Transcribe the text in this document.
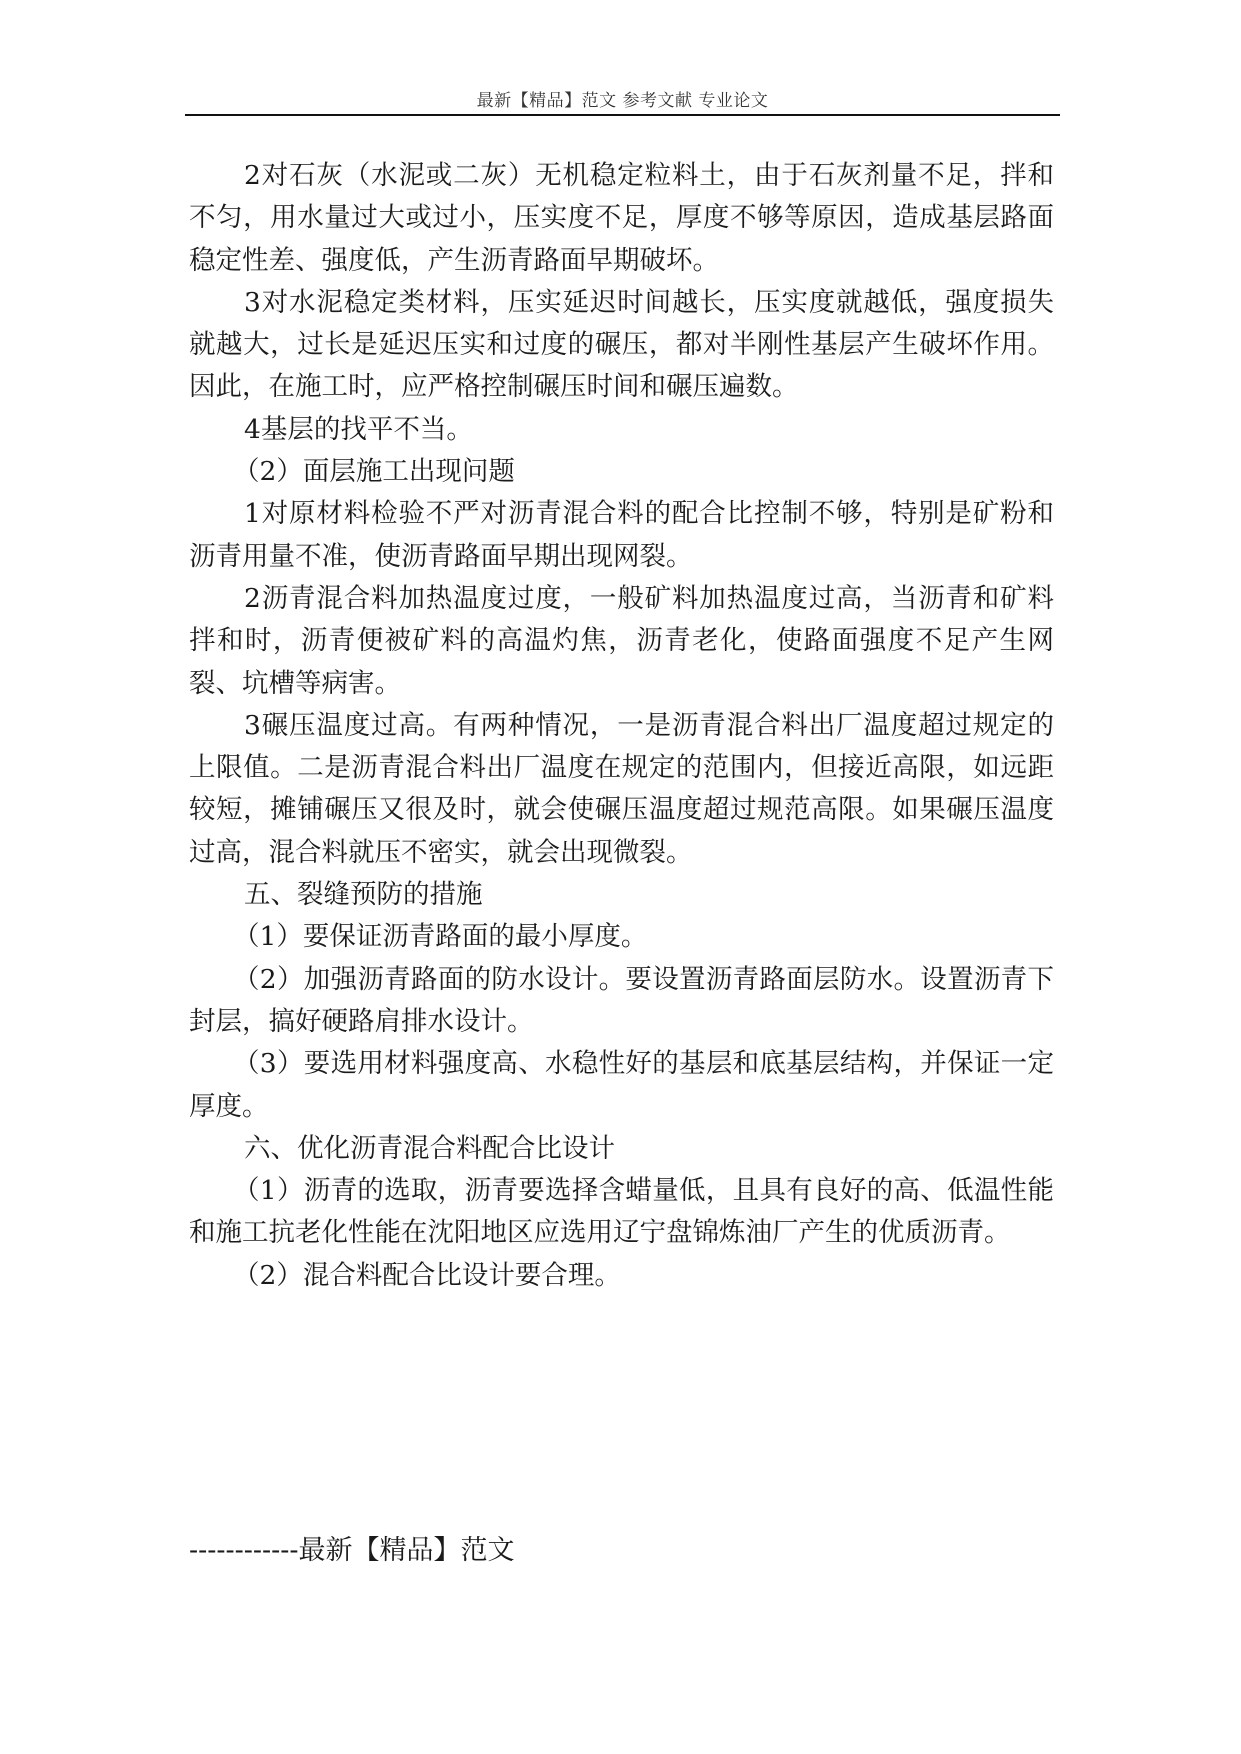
最新【精品】范文 参考文献 专业论文

2对石灰（水泥或二灰）无机稳定粒料土，由于石灰剂量不足，拌和不匀，用水量过大或过小，压实度不足，厚度不够等原因，造成基层路面稳定性差、强度低，产生沥青路面早期破坏。

3对水泥稳定类材料，压实延迟时间越长，压实度就越低，强度损失就越大，过长是延迟压实和过度的碾压，都对半刚性基层产生破坏作用。因此，在施工时，应严格控制碾压时间和碾压遍数。

4基层的找平不当。

（2）面层施工出现问题

1对原材料检验不严对沥青混合料的配合比控制不够，特别是矿粉和沥青用量不准，使沥青路面早期出现网裂。

2沥青混合料加热温度过度，一般矿料加热温度过高，当沥青和矿料拌和时，沥青便被矿料的高温灼焦，沥青老化，使路面强度不足产生网裂、坑槽等病害。

3碾压温度过高。有两种情况，一是沥青混合料出厂温度超过规定的上限值。二是沥青混合料出厂温度在规定的范围内，但接近高限，如远距较短，摊铺碾压又很及时，就会使碾压温度超过规范高限。如果碾压温度过高，混合料就压不密实，就会出现微裂。

五、裂缝预防的措施

（1）要保证沥青路面的最小厚度。

（2）加强沥青路面的防水设计。要设置沥青路面层防水。设置沥青下封层，搞好硬路肩排水设计。

（3）要选用材料强度高、水稳性好的基层和底基层结构，并保证一定厚度。

六、优化沥青混合料配合比设计

（1）沥青的选取，沥青要选择含蜡量低，且具有良好的高、低温性能和施工抗老化性能在沈阳地区应选用辽宁盘锦炼油厂产生的优质沥青。

（2）混合料配合比设计要合理。

------------最新【精品】范文
